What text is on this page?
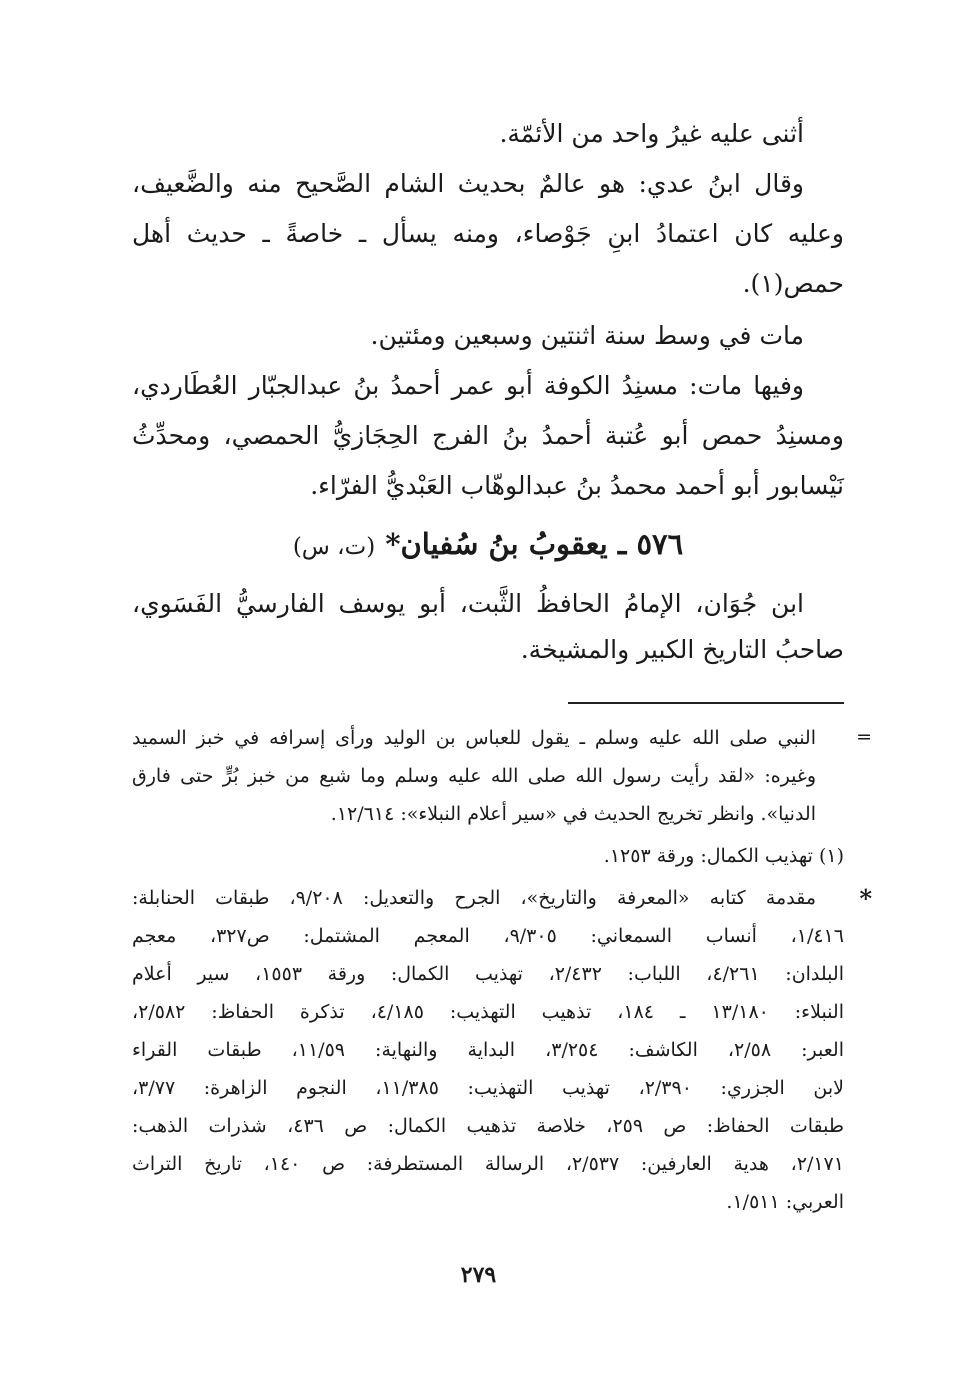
أثنى عليه غيرُ واحد من الأئمّة.
وقال ابنُ عدي: هو عالمٌ بحديث الشام الصَّحيح منه والضَّعيف،
وعليه كان اعتمادُ ابنِ جَوْصاء، ومنه يسأل ـ خاصةً ـ حديث أهل
حمص(١).
مات في وسط سنة اثنتين وسبعين ومئتين.
وفيها مات: مسنِدُ الكوفة أبو عمر أحمدُ بنُ عبدالجبّار العُطَاردي،
ومسنِدُ حمص أبو عُتبة أحمدُ بنُ الفرج الحِجَازيُّ الحمصي، ومحدِّثُ
نَيْسابور أبو أحمد محمدُ بنُ عبدالوهّاب العَبْديُّ الفرّاء.
٥٧٦ ـ يعقوبُ بنُ سُفيان* (ت، س)
ابن جُوَان، الإمامُ الحافظُ الثَّبت، أبو يوسف الفارسيُّ الفَسَوي،
صاحبُ التاريخ الكبير والمشيخة.
=
النبي صلى الله عليه وسلم ـ يقول للعباس بن الوليد ورأى إسرافه في خبز السميد
وغيره: «لقد رأيت رسول الله صلى الله عليه وسلم وما شبع من خبز بُرٍّ حتى فارق
الدنيا». وانظر تخريج الحديث في «سير أعلام النبلاء»: ١٢/٦١٤.
(١) تهذيب الكمال: ورقة ١٢٥٣.
*
مقدمة كتابه «المعرفة والتاريخ»، الجرح والتعديل: ٩/٢٠٨، طبقات الحنابلة:
١/٤١٦، أنساب السمعاني: ٩/٣٠٥، المعجم المشتمل: ص٣٢٧، معجم
البلدان: ٤/٢٦١، اللباب: ٢/٤٣٢، تهذيب الكمال: ورقة ١٥٥٣، سير أعلام
النبلاء: ١٣/١٨٠ ـ ١٨٤، تذهيب التهذيب: ٤/١٨٥، تذكرة الحفاظ: ٢/٥٨٢،
العبر: ٢/٥٨، الكاشف: ٣/٢٥٤، البداية والنهاية: ١١/٥٩، طبقات القراء
لابن الجزري: ٢/٣٩٠، تهذيب التهذيب: ١١/٣٨٥، النجوم الزاهرة: ٣/٧٧،
طبقات الحفاظ: ص ٢٥٩، خلاصة تذهيب الكمال: ص ٤٣٦، شذرات الذهب:
٢/١٧١، هدية العارفين: ٢/٥٣٧، الرسالة المستطرفة: ص ١٤٠، تاريخ التراث
العربي: ١/٥١١.
٢٧٩
